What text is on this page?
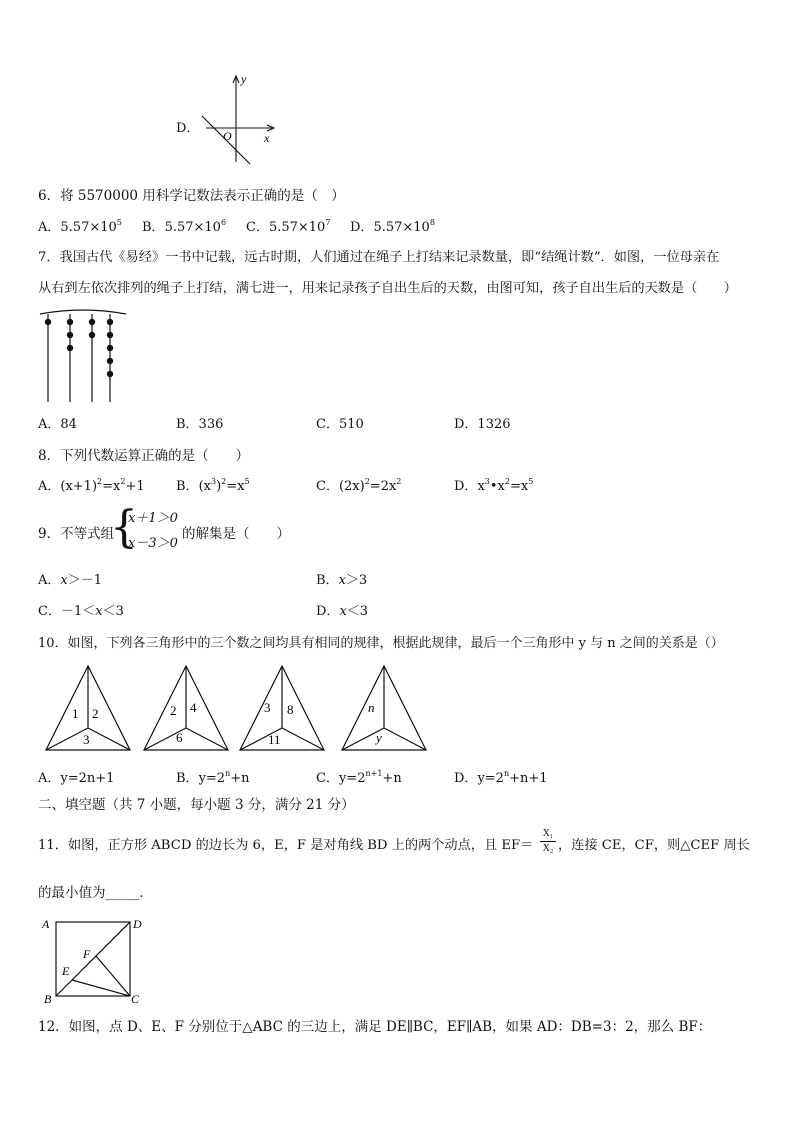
D．
y
x
O
6．将 5570000 用科学记数法表示正确的是（　）
A．$5.57\times 10^5$ B．$5.57\times 10^6$ C．$5.57\times 10^7$ D．$5.57\times 10^8$
7．我国古代《易经》一书中记载，远古时期，人们通过在绳子上打结来记录数量，即“结绳计数”．如图，一位母亲在
从右到左依次排列的绳子上打结，满七进一，用来记录孩子自出生后的天数，由图可知，孩子自出生后的天数是（　　）
A．84	B．336	C．510	D．1326
8．下列代数运算正确的是（　　）
A．$(x+1)^2=x^2+1$ B．$(x^3)^2=x^5$	C．$(2x)^2=2x^2$	D．$x^3•x^2=x^5$
9．不等式组
{
x＋1＞0
x－3＞0
的解集是（　　）
A．x＞－1	B．x＞3
C．－1＜x＜3	D．x＜3
10．如图，下列各三角形中的三个数之间均具有相同的规律，根据此规律，最后一个三角形中 y 与 n 之间的关系是（）
1 2
3
2 4
6
3 8
11
n
y
A．y=2n+1	B．$y=2^n+n$	C．$y=2^{n+1}+n$	D．$y=2^n+n+1$
二、填空题（共 7 小题，每小题 3 分，满分 21 分）
11．如图，正方形 ABCD 的边长为 6，E，F 是对角线 BD 上的两个动点，且 EF＝
X₁
X₂ ，连接 CE，CF，则△CEF 周长
的最小值为_____．
A	D
B	C
F
E
12．如图，点 D、E、F 分别位于△ABC 的三边上，满足 DE∥BC，EF∥AB，如果 AD：DB=3：2，那么 BF：
